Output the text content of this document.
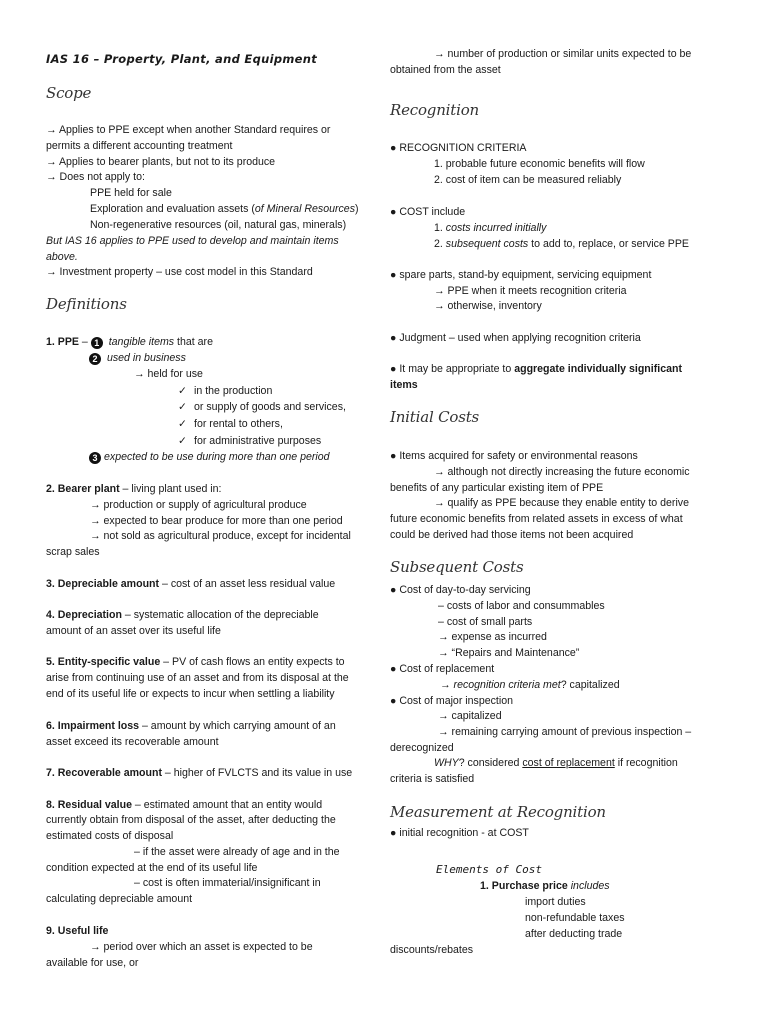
IAS 16 – Property, Plant, and Equipment
Scope
→ Applies to PPE except when another Standard requires or
permits a different accounting treatment
→ Applies to bearer plants, but not to its produce
→ Does not apply to:
PPE held for sale
Exploration and evaluation assets (of Mineral Resources)
Non-regenerative resources (oil, natural gas, minerals)
But IAS 16 applies to PPE used to develop and maintain items
above.
→ Investment property – use cost model in this Standard
Definitions
1. PPE – 1 tangible items that are
2 used in business
→ held for use
✓ in the production
✓ or supply of goods and services,
✓ for rental to others,
✓ for administrative purposes
3 expected to be use during more than one period
2. Bearer plant – living plant used in:
→ production or supply of agricultural produce
→ expected to bear produce for more than one period
→ not sold as agricultural produce, except for incidental
scrap sales
3. Depreciable amount – cost of an asset less residual value
4. Depreciation – systematic allocation of the depreciable
amount of an asset over its useful life
5. Entity-specific value – PV of cash flows an entity expects to
arise from continuing use of an asset and from its disposal at the
end of its useful life or expects to incur when settling a liability
6. Impairment loss – amount by which carrying amount of an
asset exceed its recoverable amount
7. Recoverable amount – higher of FVLCTS and its value in use
8. Residual value – estimated amount that an entity would
currently obtain from disposal of the asset, after deducting the
estimated costs of disposal
– if the asset were already of age and in the
condition expected at the end of its useful life
– cost is often immaterial/insignificant in
calculating depreciable amount
9. Useful life
→ period over which an asset is expected to be
available for use, or
→ number of production or similar units expected to be
obtained from the asset
Recognition
● RECOGNITION CRITERIA
1. probable future economic benefits will flow
2. cost of item can be measured reliably
● COST include
1. costs incurred initially
2. subsequent costs to add to, replace, or service PPE
● spare parts, stand-by equipment, servicing equipment
→ PPE when it meets recognition criteria
→ otherwise, inventory
● Judgment – used when applying recognition criteria
● It may be appropriate to aggregate individually significant
items
Initial Costs
● Items acquired for safety or environmental reasons
→ although not directly increasing the future economic
benefits of any particular existing item of PPE
→ qualify as PPE because they enable entity to derive
future economic benefits from related assets in excess of what
could be derived had those items not been acquired
Subsequent Costs
● Cost of day-to-day servicing
– costs of labor and consummables
– cost of small parts
→ expense as incurred
→ “Repairs and Maintenance”
● Cost of replacement
→ recognition criteria met? capitalized
● Cost of major inspection
→ capitalized
→ remaining carrying amount of previous inspection –
derecognized
WHY? considered cost of replacement if recognition
criteria is satisfied
Measurement at Recognition
● initial recognition - at COST
Elements of Cost
1. Purchase price includes
import duties
non-refundable taxes
after deducting trade
discounts/rebates
